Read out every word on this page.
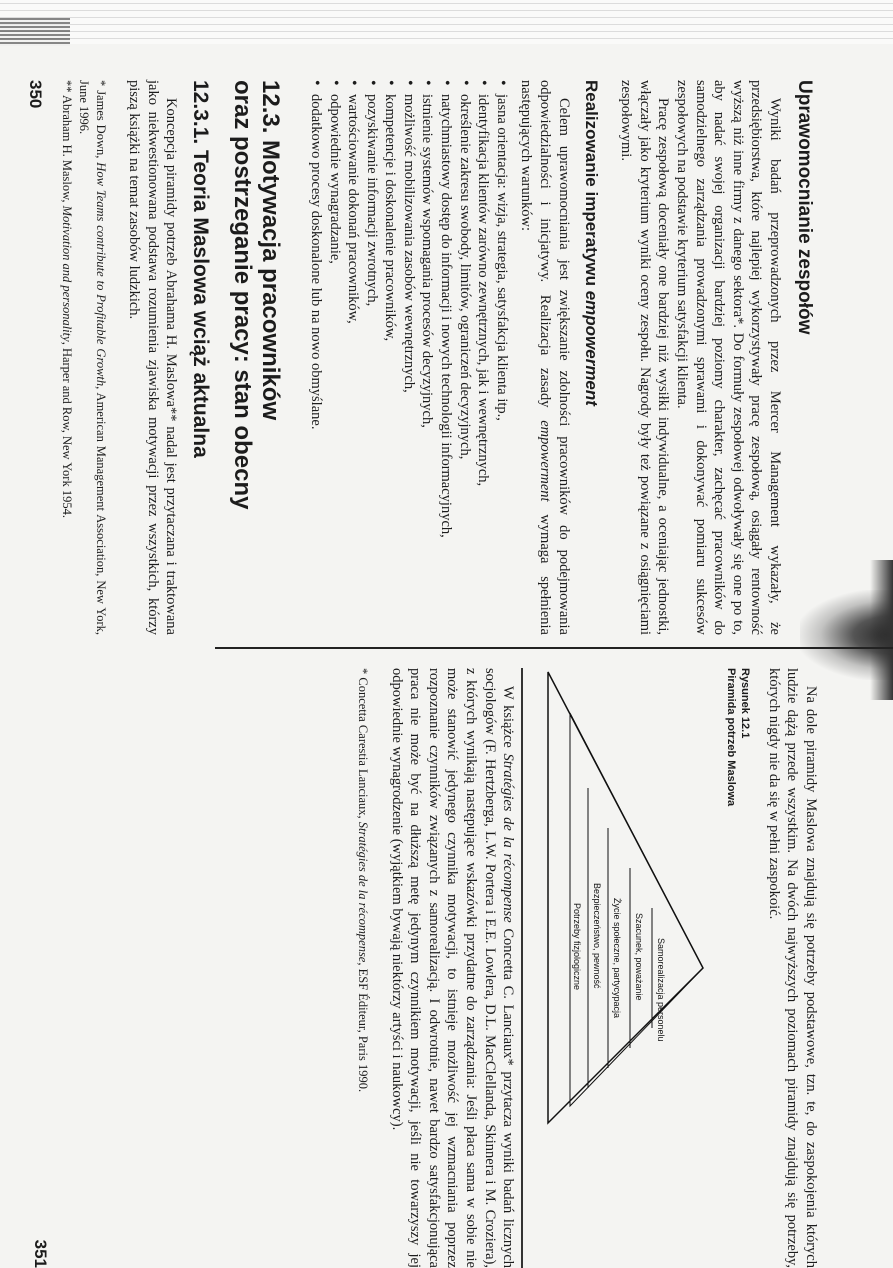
Uprawomocnianie zespołów

Wyniki badań przeprowadzonych przez Mercer Management wykazały, że przedsiębiorstwa, które najlepiej wykorzystywały pracę zespołową, osiągały rentowność wyższą niż inne firmy z danego sektora*. Do formuły zespołowej odwoływały się one po to, aby nadać swojej organizacji bardziej poziomy charakter, zachęcać pracowników do samodzielnego zarządzania prowadzonymi sprawami i dokonywać pomiaru sukcesów zespołowych na podstawie kryterium satysfakcji klienta.

Pracę zespołową doceniały one bardziej niż wysiłki indywidualne, a oceniając jednostki, włączały jako kryterium wyniki oceny zespołu. Nagrody były też powiązane z osiągnięciami zespołowymi.

Realizowanie imperatywu empowerment

Celem uprawomocniania jest zwiększanie zdolności pracowników do podejmowania odpowiedzialności i inicjatywy. Realizacja zasady empowerment wymaga spełnienia następujących warunków:

• jasna orientacja: wizja, strategia, satysfakcja klienta itp.,
• identyfikacja klientów zarówno zewnętrznych, jak i wewnętrznych,
• określenie zakresu swobody, limitów, ograniczeń decyzyjnych,
• natychmiastowy dostęp do informacji i nowych technologii informacyjnych,
• istnienie systemów wspomagania procesów decyzyjnych,
• możliwość mobilizowania zasobów wewnętrznych,
• kompetencje i doskonalenie pracowników,
• pozyskiwanie informacji zwrotnych,
• wartościowanie dokonań pracowników,
• odpowiednie wynagradzanie,
• dodatkowo procesy doskonalone lub na nowo obmyślane.
12.3. Motywacja pracowników
oraz postrzeganie pracy: stan obecny
12.3.1. Teoria Maslowa wciąż aktualna

Koncepcja piramidy potrzeb Abrahama H. Maslowa** nadal jest przytaczana i traktowana jako niekwestionowana podstawa rozumienia zjawiska motywacji przez wszystkich, którzy piszą książki na temat zasobów ludzkich.

* James Down, How Teams contribute to Profitable Growth, American Management Association, New York, June 1996.

** Abraham H. Maslow, Motivation and personality, Harper and Row, New York 1954.

350

Na dole piramidy Maslowa znajdują się potrzeby podstawowe, tzn. te, do zaspokojenia których ludzie dążą przede wszystkim. Na dwóch najwyższych poziomach piramidy znajdują się potrzeby, których nigdy nie da się w pełni zaspokoić.

Rysunek 12.1
Piramida potrzeb Maslowa
Samorealizacja personelu
Szacunek, poważanie
Życie społeczne, partycypacja
Bezpieczeństwo, pewność
Potrzeby fizjologiczne

W książce Stratégies de la récompense Concetta C. Lanciaux* przytacza wyniki badań licznych socjologów (F. Hertzberga, L.W. Portera i E.E. Lowlera, D.L. MacClellanda, Skinnera i M. Croziera), z których wynikają następujące wskazówki przydatne do zarządzania: Jeśli płaca sama w sobie nie może stanowić jedynego czynnika motywacji, to istnieje możliwość jej wzmacniania poprzez rozpoznanie czynników związanych z samorealizacją. I odwrotnie, nawet bardzo satysfakcjonująca praca nie może być na dłuższą metę jedynym czynnikiem motywacji, jeśli nie towarzyszy jej odpowiednie wynagrodzenie (wyjątkiem bywają niektórzy artyści i naukowcy).

* Concetta Carestia Lanciaux, Stratégies de la récompense, ESF Éditeur, Paris 1990.

351
